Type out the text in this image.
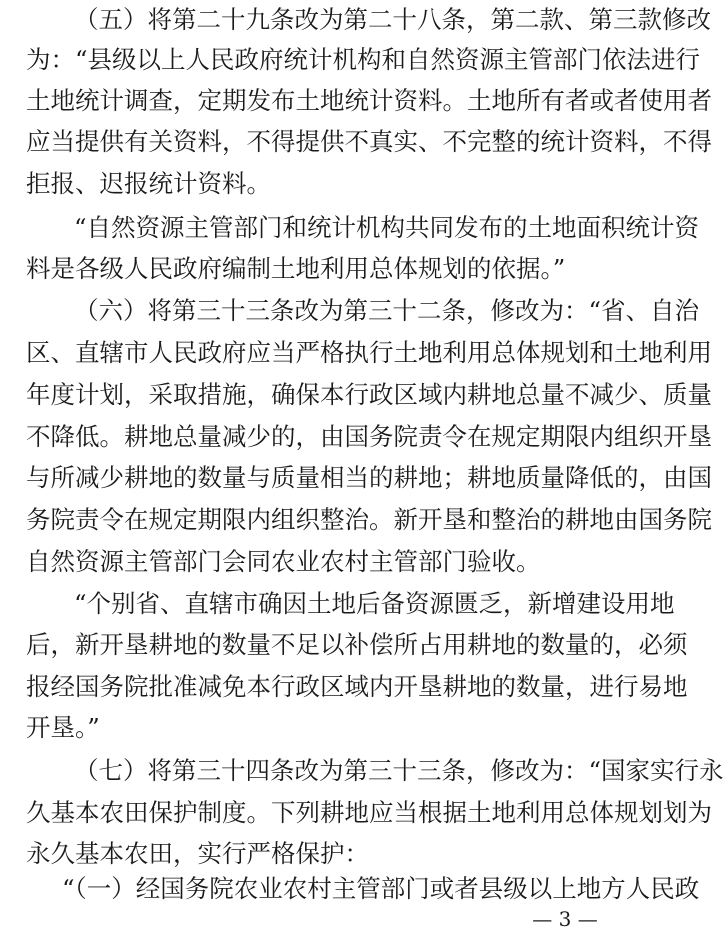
（五）将第二十九条改为第二十八条，第二款、第三款修改
为：“县级以上人民政府统计机构和自然资源主管部门依法进行
土地统计调查，定期发布土地统计资料。土地所有者或者使用者
应当提供有关资料，不得提供不真实、不完整的统计资料，不得
拒报、迟报统计资料。
“自然资源主管部门和统计机构共同发布的土地面积统计资
料是各级人民政府编制土地利用总体规划的依据。”
（六）将第三十三条改为第三十二条，修改为：“省、自治
区、直辖市人民政府应当严格执行土地利用总体规划和土地利用
年度计划，采取措施，确保本行政区域内耕地总量不减少、质量
不降低。耕地总量减少的，由国务院责令在规定期限内组织开垦
与所减少耕地的数量与质量相当的耕地；耕地质量降低的，由国
务院责令在规定期限内组织整治。新开垦和整治的耕地由国务院
自然资源主管部门会同农业农村主管部门验收。
“个别省、直辖市确因土地后备资源匮乏，新增建设用地
后，新开垦耕地的数量不足以补偿所占用耕地的数量的，必须
报经国务院批准减免本行政区域内开垦耕地的数量，进行易地
开垦。”
（七）将第三十四条改为第三十三条，修改为：“国家实行永
久基本农田保护制度。下列耕地应当根据土地利用总体规划划为
永久基本农田，实行严格保护：
“（一）经国务院农业农村主管部门或者县级以上地方人民政
— 3 —
